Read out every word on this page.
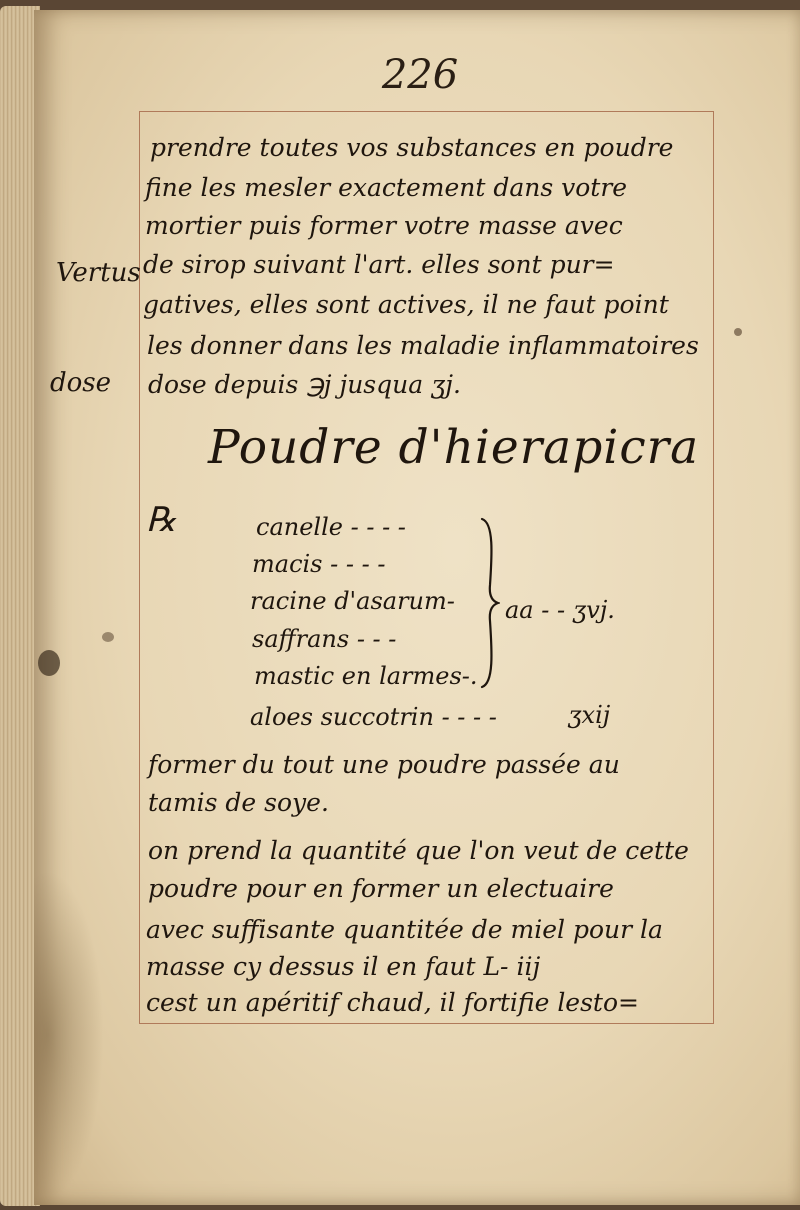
226
Vertus
dose

prendre toutes vos substances en poudre

fine les mesler exactement dans votre

mortier puis former votre masse avec

de sirop suivant l'art. elles sont pur=

gatives, elles sont actives, il ne faut point

les donner dans les maladie inflammatoires

dose depuis ℈j jusqua ʒj.

Poudre d'hierapicra
℞	canelle - - - -

macis - - - -

racine d'asarum-

saffrans - - -

mastic en larmes-.

aa - - ʒvj.

aloes succotrin - - - -	ʒxij

former du tout une poudre passée au

tamis de soye.

on prend la quantité que l'on veut de cette

poudre pour en former un electuaire

avec suffisante quantitée de miel pour la

masse cy dessus il en faut L- iij

cest un apéritif chaud, il fortifie lesto=
